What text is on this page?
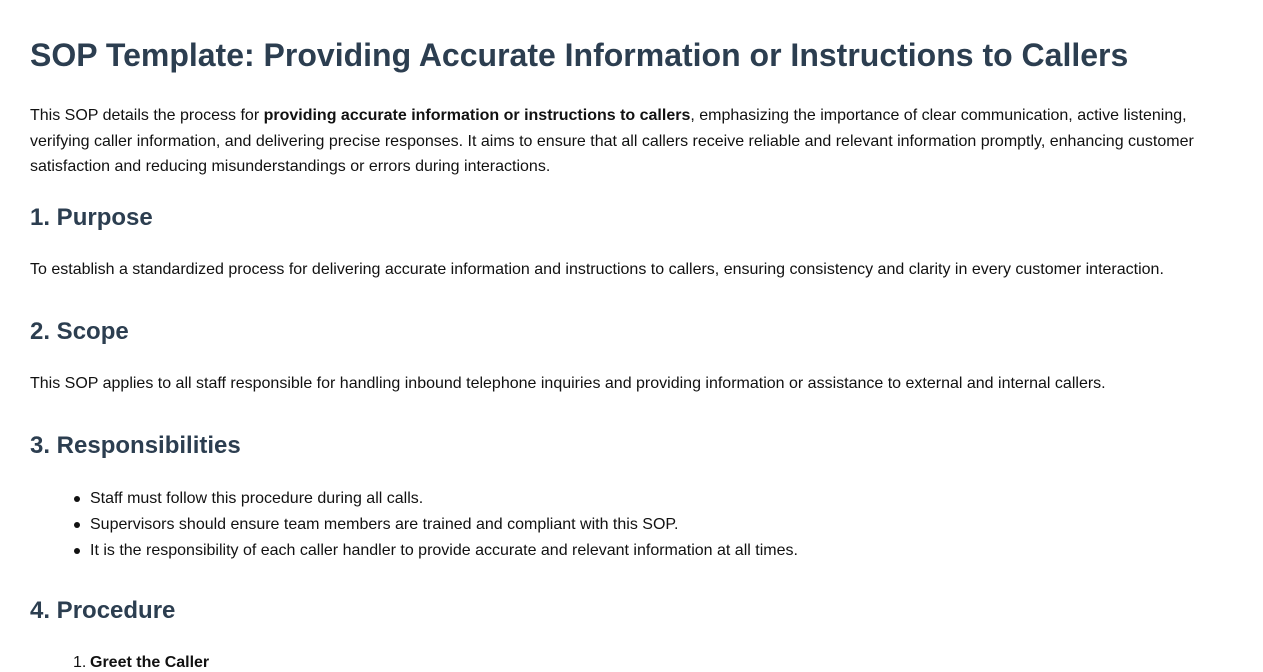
SOP Template: Providing Accurate Information or Instructions to Callers

This SOP details the process for providing accurate information or instructions to callers, emphasizing the importance of clear communication, active listening, verifying caller information, and delivering precise responses. It aims to ensure that all callers receive reliable and relevant information promptly, enhancing customer satisfaction and reducing misunderstandings or errors during interactions.

1. Purpose

To establish a standardized process for delivering accurate information and instructions to callers, ensuring consistency and clarity in every customer interaction.

2. Scope

This SOP applies to all staff responsible for handling inbound telephone inquiries and providing information or assistance to external and internal callers.

3. Responsibilities
Staff must follow this procedure during all calls.
Supervisors should ensure team members are trained and compliant with this SOP.
It is the responsibility of each caller handler to provide accurate and relevant information at all times.
4. Procedure
1. Greet the Caller
